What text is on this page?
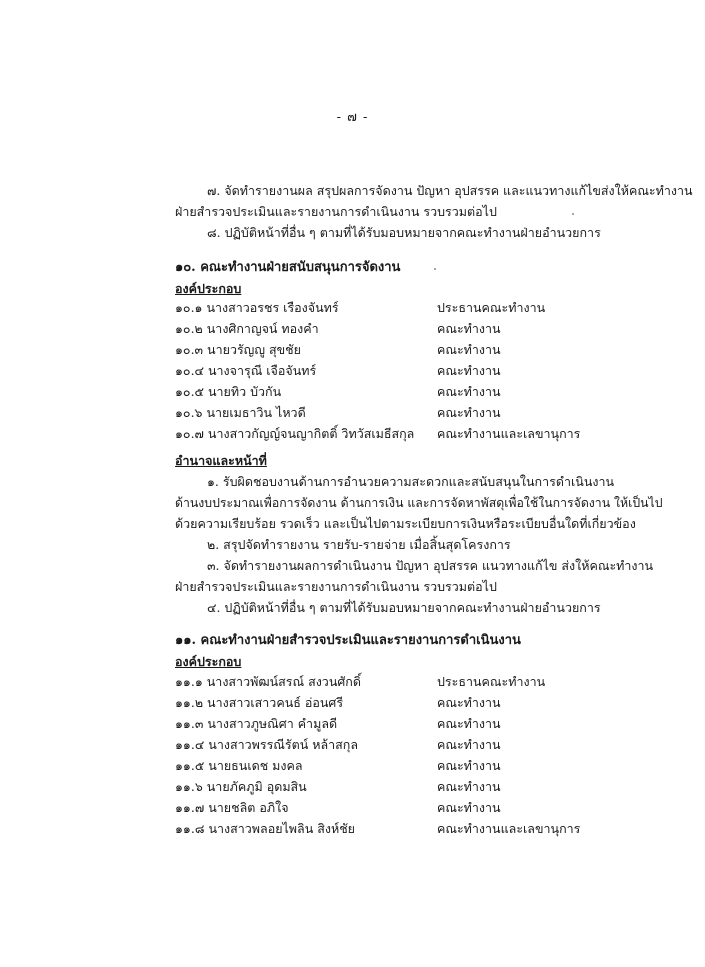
- ๗ -
๗. จัดทำรายงานผล สรุปผลการจัดงาน ปัญหา อุปสรรค และแนวทางแก้ไขส่งให้คณะทำงาน
ฝ่ายสำรวจประเมินและรายงานการดำเนินงาน รวบรวมต่อไป
๘. ปฏิบัติหน้าที่อื่น ๆ ตามที่ได้รับมอบหมายจากคณะทำงานฝ่ายอำนวยการ
๑๐. คณะทำงานฝ่ายสนับสนุนการจัดงาน
องค์ประกอบ
๑๐.๑ นางสาวอรชร เรืองจันทร์	ประธานคณะทำงาน
๑๐.๒ นางศิกาญจน์ ทองคำ	คณะทำงาน
๑๐.๓ นายวรัญญู สุขชัย	คณะทำงาน
๑๐.๔ นางจารุณี เจือจันทร์	คณะทำงาน
๑๐.๕ นายทิว บัวกัน	คณะทำงาน
๑๐.๖ นายเมธาวิน ไหวดี	คณะทำงาน
๑๐.๗ นางสาวกัญญ์จนญากิตติ์ วิทวัสเมธีสกุล คณะทำงานและเลขานุการ
อำนาจและหน้าที่
๑. รับผิดชอบงานด้านการอำนวยความสะดวกและสนับสนุนในการดำเนินงาน
ด้านงบประมาณเพื่อการจัดงาน ด้านการเงิน และการจัดหาพัสดุเพื่อใช้ในการจัดงาน ให้เป็นไป
ด้วยความเรียบร้อย รวดเร็ว และเป็นไปตามระเบียบการเงินหรือระเบียบอื่นใดที่เกี่ยวข้อง
๒. สรุปจัดทำรายงาน รายรับ-รายจ่าย เมื่อสิ้นสุดโครงการ
๓. จัดทำรายงานผลการดำเนินงาน ปัญหา อุปสรรค แนวทางแก้ไข ส่งให้คณะทำงาน
ฝ่ายสำรวจประเมินและรายงานการดำเนินงาน รวบรวมต่อไป
๔. ปฏิบัติหน้าที่อื่น ๆ ตามที่ได้รับมอบหมายจากคณะทำงานฝ่ายอำนวยการ
๑๑. คณะทำงานฝ่ายสำรวจประเมินและรายงานการดำเนินงาน
องค์ประกอบ
๑๑.๑ นางสาวพัฒน์สรณ์ สงวนศักดิ์	ประธานคณะทำงาน
๑๑.๒ นางสาวเสาวคนธ์ อ่อนศรี	คณะทำงาน
๑๑.๓ นางสาวภูษณิศา คำมูลดี	คณะทำงาน
๑๑.๔ นางสาวพรรณีรัตน์ หล้าสกุล	คณะทำงาน
๑๑.๕ นายธนเดช มงคล	คณะทำงาน
๑๑.๖ นายภัคภูมิ อุดมสิน	คณะทำงาน
๑๑.๗ นายชลิต อภิใจ	คณะทำงาน
๑๑.๘ นางสาวพลอยไพลิน สิงห์ชัย	คณะทำงานและเลขานุการ
